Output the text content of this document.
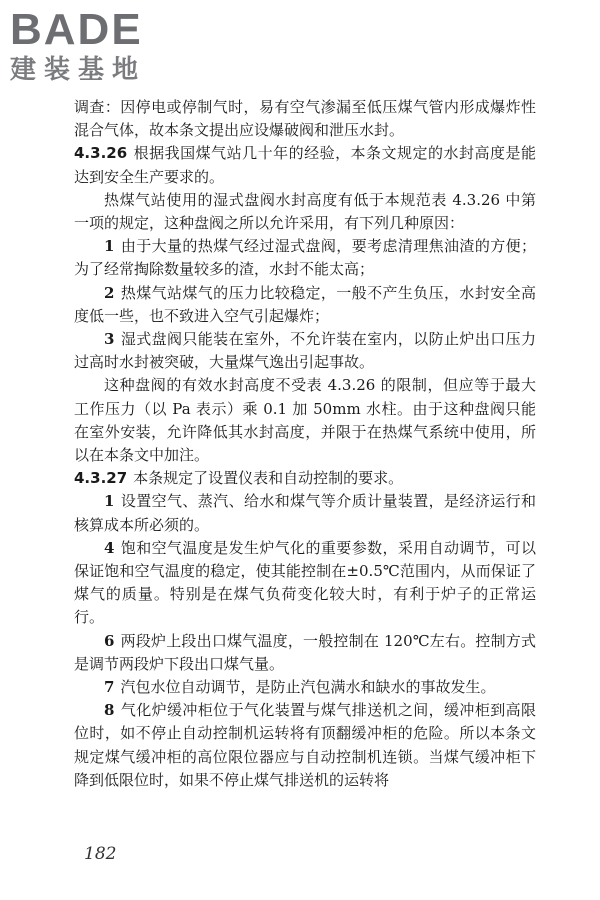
BADE
建装基地

调查：因停电或停制气时，易有空气渗漏至低压煤气管内形成爆炸性混合气体，故本条文提出应设爆破阀和泄压水封。

4.3.26 根据我国煤气站几十年的经验，本条文规定的水封高度是能达到安全生产要求的。

热煤气站使用的湿式盘阀水封高度有低于本规范表 4.3.26 中第一项的规定，这种盘阀之所以允许采用，有下列几种原因：

1 由于大量的热煤气经过湿式盘阀，要考虑清理焦油渣的方便；为了经常掏除数量较多的渣，水封不能太高；

2 热煤气站煤气的压力比较稳定，一般不产生负压，水封安全高度低一些，也不致进入空气引起爆炸；

3 湿式盘阀只能装在室外，不允许装在室内，以防止炉出口压力过高时水封被突破，大量煤气逸出引起事故。

这种盘阀的有效水封高度不受表 4.3.26 的限制，但应等于最大工作压力（以 Pa 表示）乘 0.1 加 50mm 水柱。由于这种盘阀只能在室外安装，允许降低其水封高度，并限于在热煤气系统中使用，所以在本条文中加注。

4.3.27 本条规定了设置仪表和自动控制的要求。

1 设置空气、蒸汽、给水和煤气等介质计量装置，是经济运行和核算成本所必须的。

4 饱和空气温度是发生炉气化的重要参数，采用自动调节，可以保证饱和空气温度的稳定，使其能控制在±0.5℃范围内，从而保证了煤气的质量。特别是在煤气负荷变化较大时，有利于炉子的正常运行。

6 两段炉上段出口煤气温度，一般控制在 120℃左右。控制方式是调节两段炉下段出口煤气量。

7 汽包水位自动调节，是防止汽包满水和缺水的事故发生。

8 气化炉缓冲柜位于气化装置与煤气排送机之间，缓冲柜到高限位时，如不停止自动控制机运转将有顶翻缓冲柜的危险。所以本条文规定煤气缓冲柜的高位限位器应与自动控制机连锁。当煤气缓冲柜下降到低限位时，如果不停止煤气排送机的运转将

182
